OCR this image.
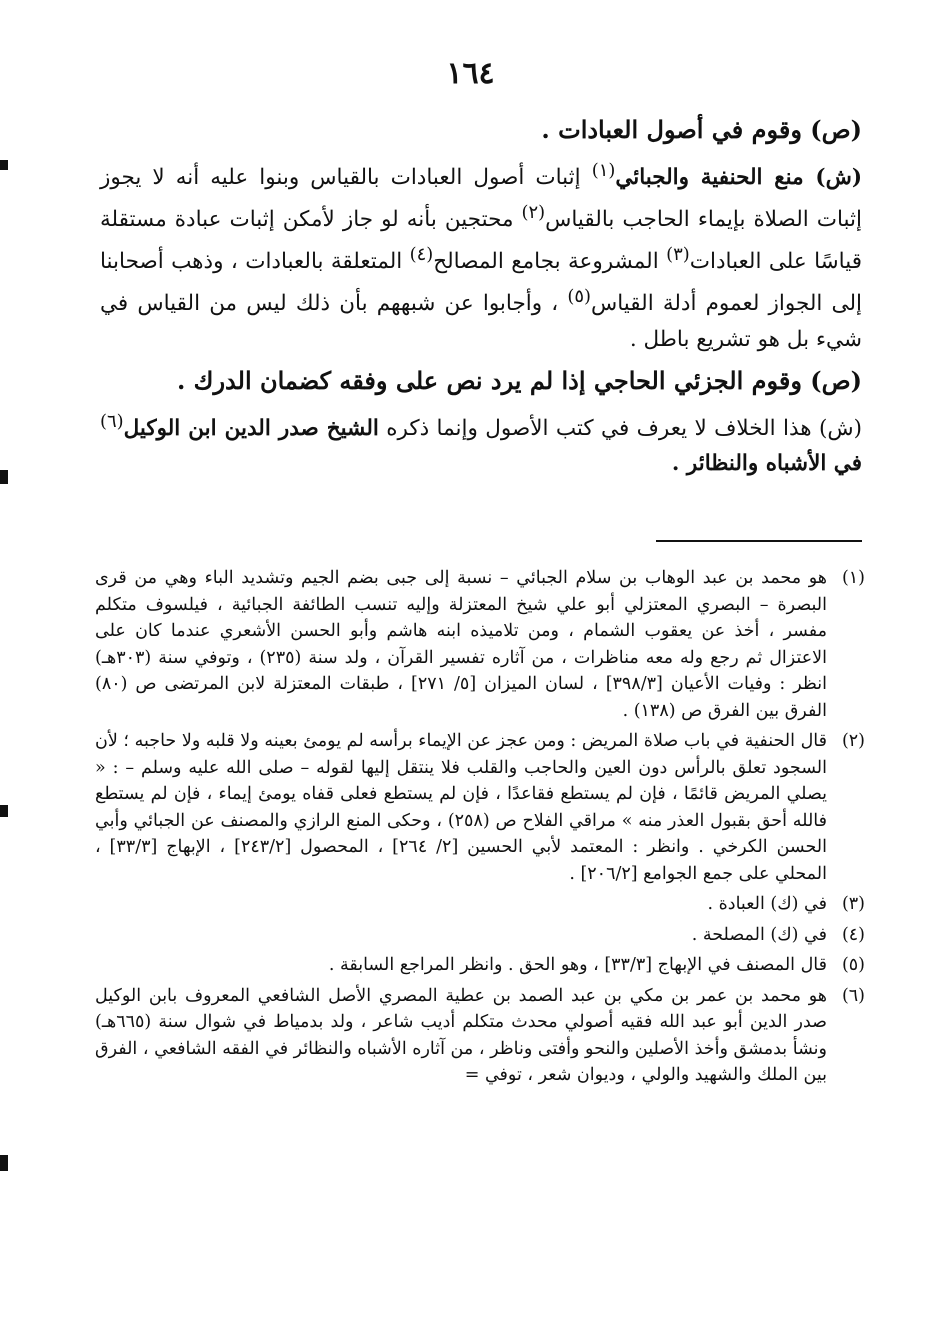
١٦٤

(ص) وقوم في أصول العبادات .

(ش) منع الحنفية والجبائي$^{(١)}$ إثبات أصول العبادات بالقياس وبنوا عليه أنه لا يجوز إثبات الصلاة بإيماء الحاجب بالقياس$^{(٢)}$ محتجين بأنه لو جاز لأمكن إثبات عبادة مستقلة قياسًا على العبادات$^{(٣)}$ المشروعة بجامع المصالح$^{(٤)}$ المتعلقة بالعبادات ، وذهب أصحابنا إلى الجواز لعموم أدلة القياس$^{(٥)}$ ، وأجابوا عن شبههم بأن ذلك ليس من القياس في شيء بل هو تشريع باطل .

(ص) وقوم الجزئي الحاجي إذا لم يرد نص على وفقه كضمان الدرك .

(ش) هذا الخلاف لا يعرف في كتب الأصول وإنما ذكره الشيخ صدر الدين ابن الوكيل$^{(٦)}$ في الأشباه والنظائر .

(١)
هو محمد بن عبد الوهاب بن سلام الجبائي – نسبة إلى جبى بضم الجيم وتشديد الباء وهي من قرى البصرة – البصري المعتزلي أبو علي شيخ المعتزلة وإليه تنسب الطائفة الجبائية ، فيلسوف متكلم مفسر ، أخذ عن يعقوب الشمام ، ومن تلاميذه ابنه هاشم وأبو الحسن الأشعري عندما كان على الاعتزال ثم رجع وله معه مناظرات ، من آثاره تفسير القرآن ، ولد سنة (٢٣٥) ، وتوفي سنة (٣٠٣هـ) انظر : وفيات الأعيان [٣٩٨/٣] ، لسان الميزان [٥/ ٢٧١] ، طبقات المعتزلة لابن المرتضى ص (٨٠) الفرق بين الفرق ص (١٣٨) .
(٢)
قال الحنفية في باب صلاة المريض : ومن عجز عن الإيماء برأسه لم يومئ بعينه ولا قلبه ولا حاجبه ؛ لأن السجود تعلق بالرأس دون العين والحاجب والقلب فلا ينتقل إليها لقوله – صلى الله عليه وسلم – : « يصلي المريض قائمًا ، فإن لم يستطع فقاعدًا ، فإن لم يستطع فعلى قفاه يومئ إيماء ، فإن لم يستطع فالله أحق بقبول العذر منه » مراقي الفلاح ص (٢٥٨) ، وحكى المنع الرازي والمصنف عن الجبائي وأبي الحسن الكرخي . وانظر : المعتمد لأبي الحسين [٢/ ٢٦٤] ، المحصول [٢٤٣/٢] ، الإبهاج [٣٣/٣] ، المحلي على جمع الجوامع [٢٠٦/٢] .
(٣)
في (ك) العبادة .
(٤)
في (ك) المصلحة .
(٥)
قال المصنف في الإبهاج [٣٣/٣] ، وهو الحق . وانظر المراجع السابقة .
(٦)
هو محمد بن عمر بن مكي بن عبد الصمد بن عطية المصري الأصل الشافعي المعروف بابن الوكيل صدر الدين أبو عبد الله فقيه أصولي محدث متكلم أديب شاعر ، ولد بدمياط في شوال سنة (٦٦٥هـ) ونشأ بدمشق وأخذ الأصلين والنحو وأفتى وناظر ، من آثاره الأشباه والنظائر في الفقه الشافعي ، الفرق بين الملك والشهيد والولي ، وديوان شعر ، توفي =
